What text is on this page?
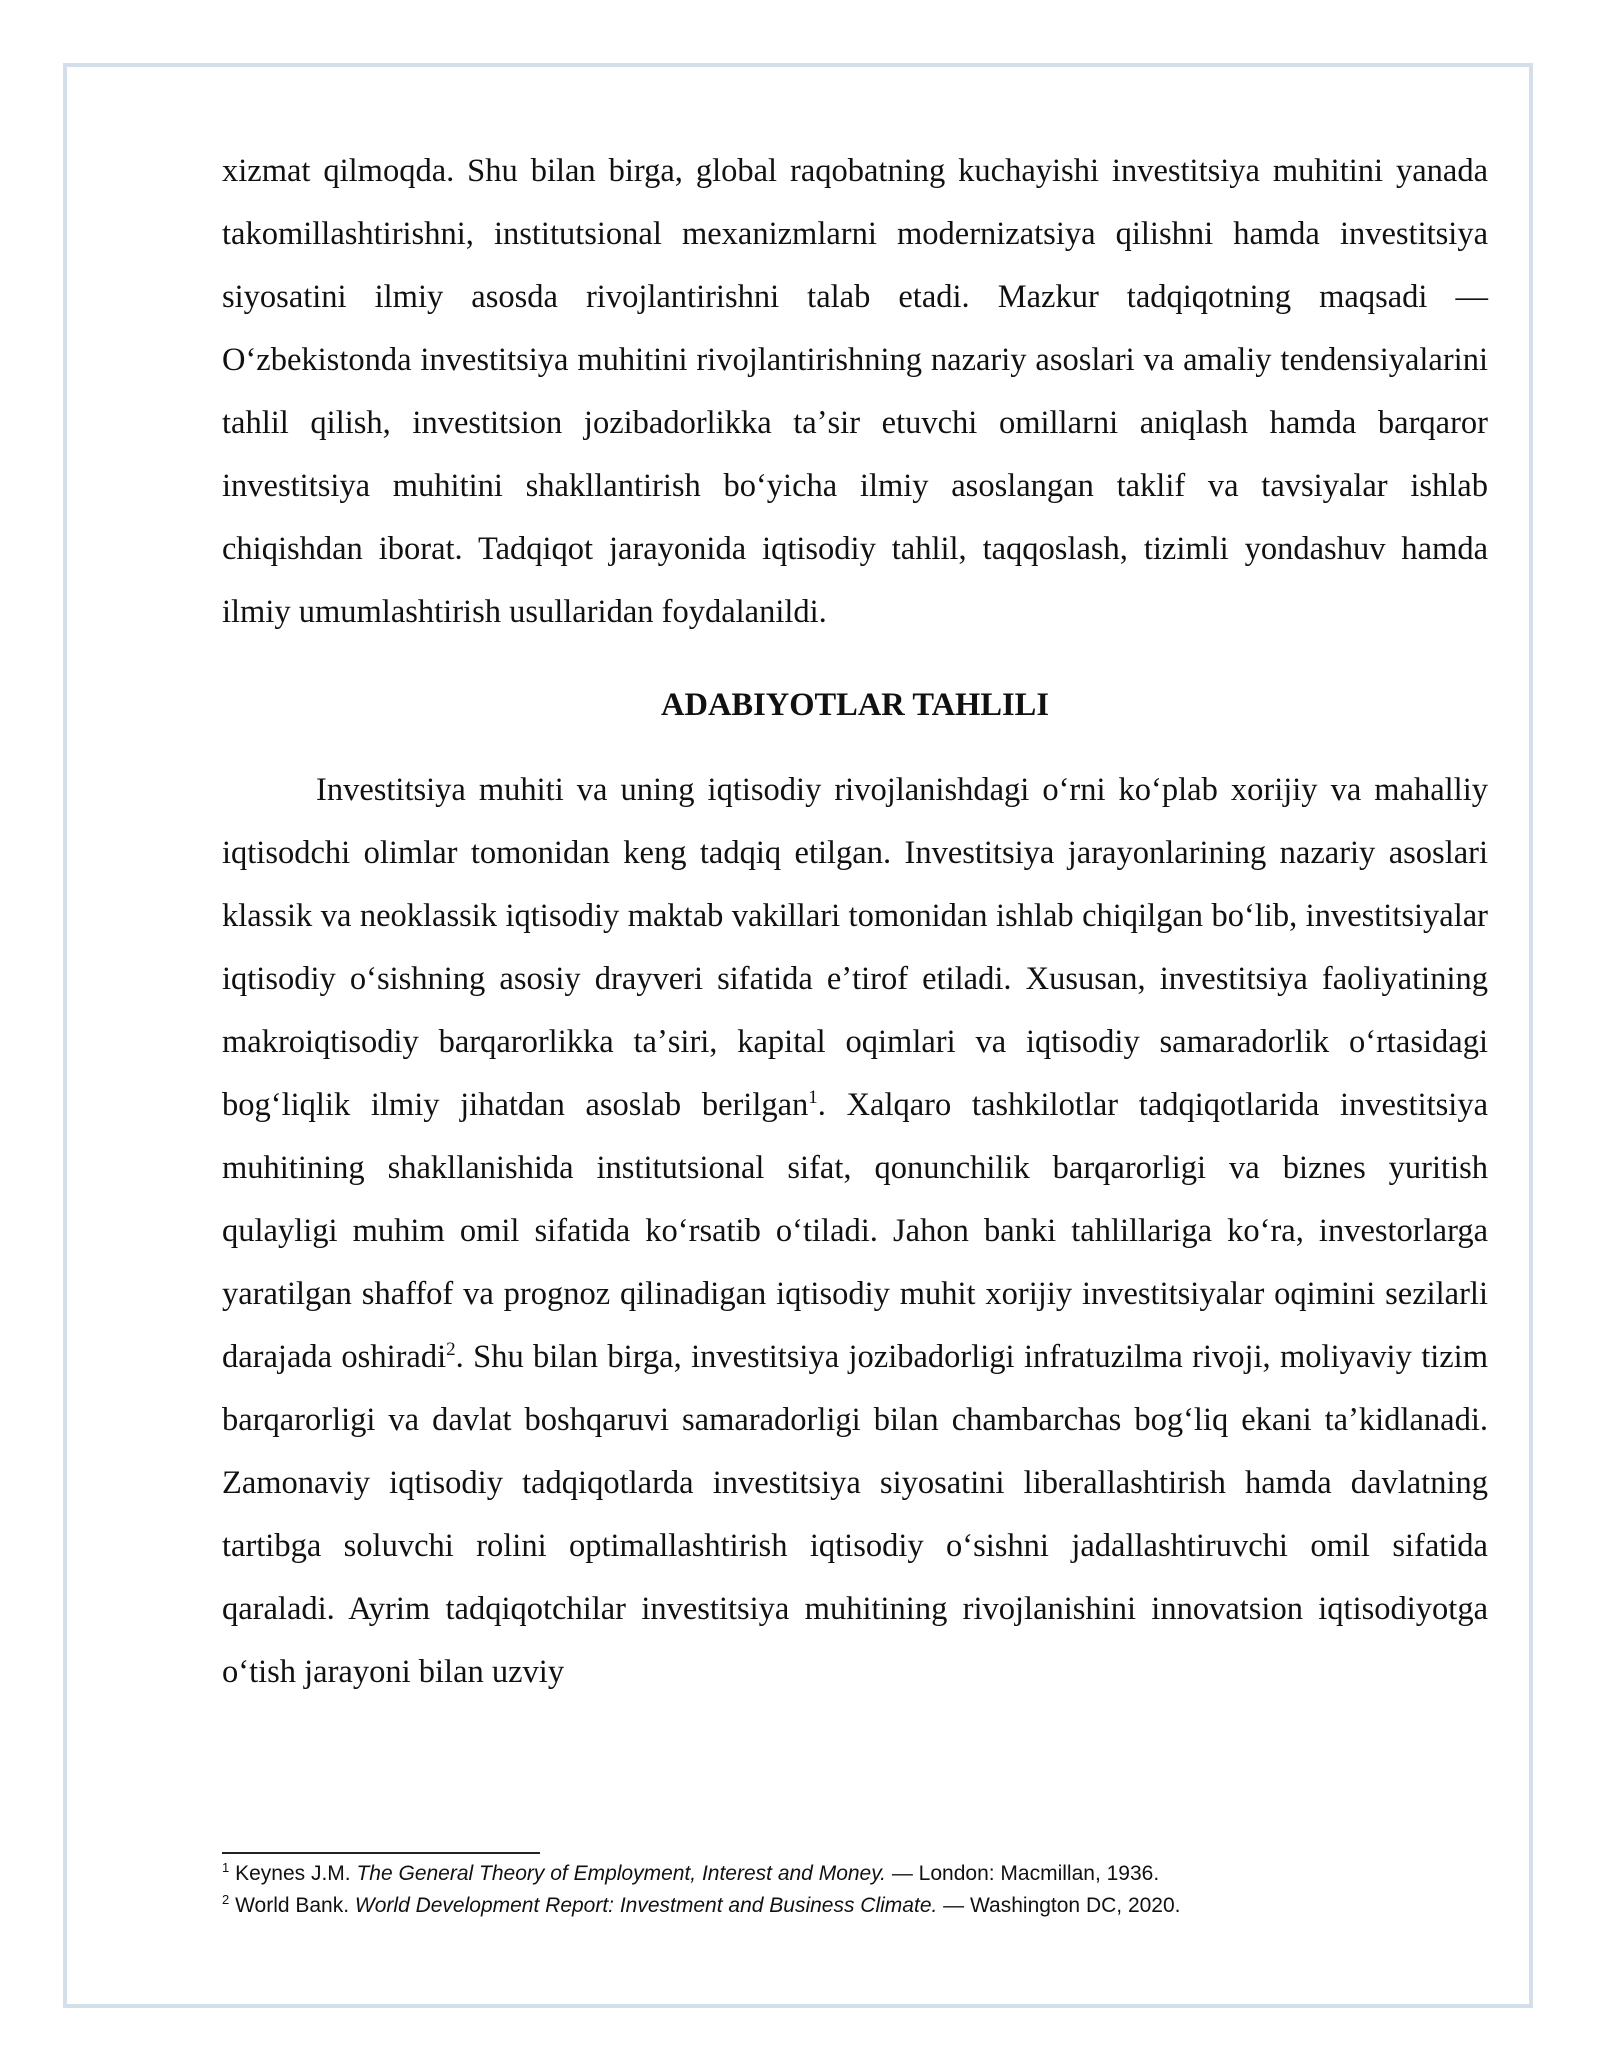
xizmat qilmoqda. Shu bilan birga, global raqobatning kuchayishi investitsiya muhitini yanada takomillashtirishni, institutsional mexanizmlarni modernizatsiya qilishni hamda investitsiya siyosatini ilmiy asosda rivojlantirishni talab etadi. Mazkur tadqiqotning maqsadi — Oʻzbekistonda investitsiya muhitini rivojlantirishning nazariy asoslari va amaliy tendensiyalarini tahlil qilish, investitsion jozibadorlikka taʼsir etuvchi omillarni aniqlash hamda barqaror investitsiya muhitini shakllantirish boʻyicha ilmiy asoslangan taklif va tavsiyalar ishlab chiqishdan iborat. Tadqiqot jarayonida iqtisodiy tahlil, taqqoslash, tizimli yondashuv hamda ilmiy umumlashtirish usullaridan foydalanildi.

ADABIYOTLAR TAHLILI

Investitsiya muhiti va uning iqtisodiy rivojlanishdagi oʻrni koʻplab xorijiy va mahalliy iqtisodchi olimlar tomonidan keng tadqiq etilgan. Investitsiya jarayonlarining nazariy asoslari klassik va neoklassik iqtisodiy maktab vakillari tomonidan ishlab chiqilgan boʻlib, investitsiyalar iqtisodiy oʻsishning asosiy drayveri sifatida eʼtirof etiladi. Xususan, investitsiya faoliyatining makroiqtisodiy barqarorlikka taʼsiri, kapital oqimlari va iqtisodiy samaradorlik oʻrtasidagi bogʻliqlik ilmiy jihatdan asoslab berilgan$^1$. Xalqaro tashkilotlar tadqiqotlarida investitsiya muhitining shakllanishida institutsional sifat, qonunchilik barqarorligi va biznes yuritish qulayligi muhim omil sifatida koʻrsatib oʻtiladi. Jahon banki tahlillariga koʻra, investorlarga yaratilgan shaffof va prognoz qilinadigan iqtisodiy muhit xorijiy investitsiyalar oqimini sezilarli darajada oshiradi$^2$. Shu bilan birga, investitsiya jozibadorligi infratuzilma rivoji, moliyaviy tizim barqarorligi va davlat boshqaruvi samaradorligi bilan chambarchas bogʻliq ekani taʼkidlanadi. Zamonaviy iqtisodiy tadqiqotlarda investitsiya siyosatini liberallashtirish hamda davlatning tartibga soluvchi rolini optimallashtirish iqtisodiy oʻsishni jadallashtiruvchi omil sifatida qaraladi. Ayrim tadqiqotchilar investitsiya muhitining rivojlanishini innovatsion iqtisodiyotga oʻtish jarayoni bilan uzviy

$^1$ Keynes J.M. The General Theory of Employment, Interest and Money. — London: Macmillan, 1936.

$^2$ World Bank. World Development Report: Investment and Business Climate. — Washington DC, 2020.
